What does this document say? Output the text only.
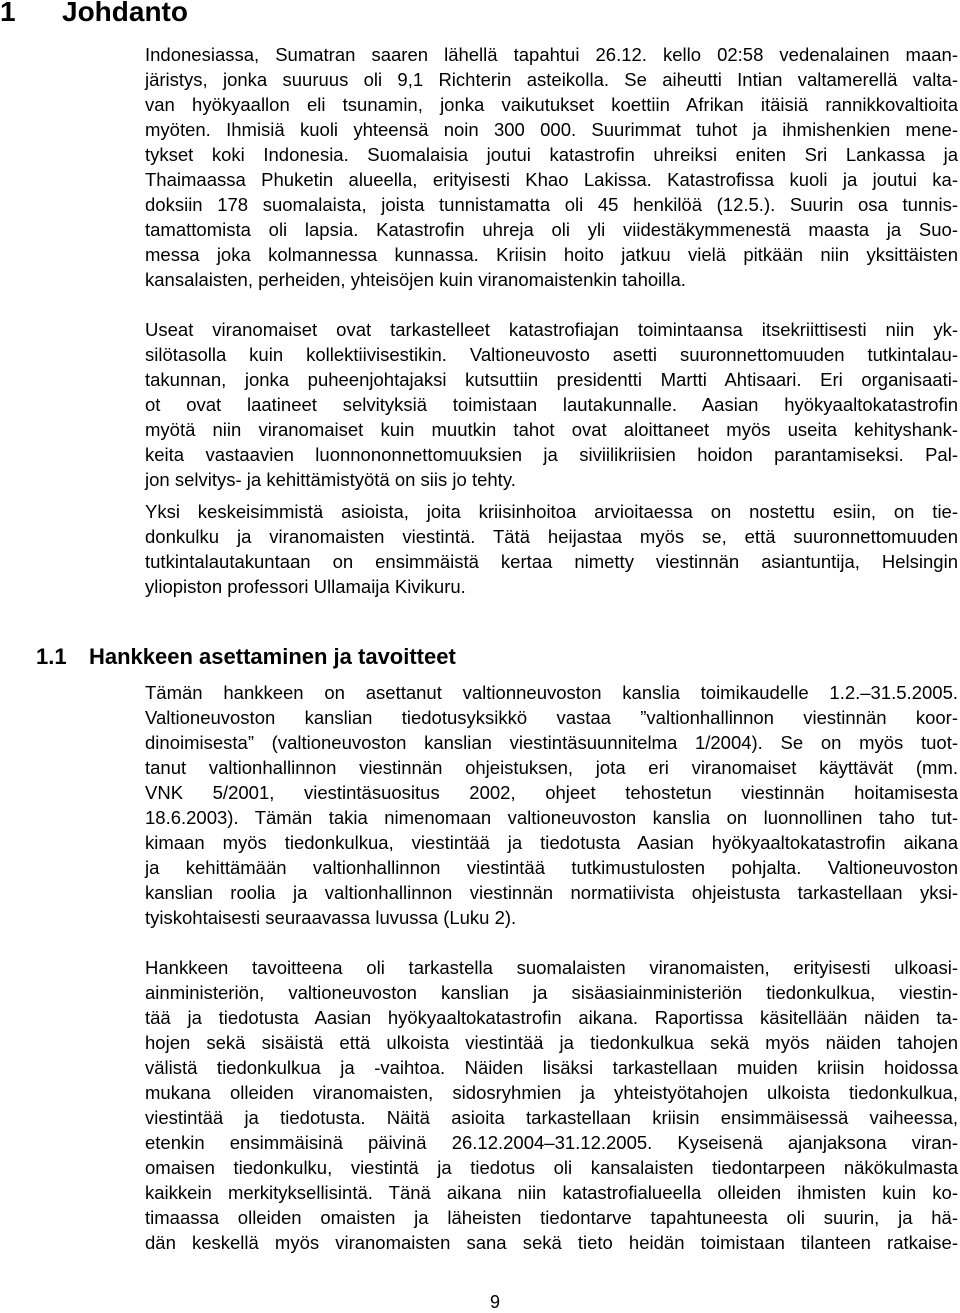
1 Johdanto
Indonesiassa, Sumatran saaren lähellä tapahtui 26.12. kello 02:58 vedenalainen maan-
järistys, jonka suuruus oli 9,1 Richterin asteikolla. Se aiheutti Intian valtamerellä valta-
van hyökyaallon eli tsunamin, jonka vaikutukset koettiin Afrikan itäisiä rannikkovaltioita
myöten. Ihmisiä kuoli yhteensä noin 300 000. Suurimmat tuhot ja ihmishenkien mene-
tykset koki Indonesia. Suomalaisia joutui katastrofin uhreiksi eniten Sri Lankassa ja
Thaimaassa Phuketin alueella, erityisesti Khao Lakissa. Katastrofissa kuoli ja joutui ka-
doksiin 178 suomalaista, joista tunnistamatta oli 45 henkilöä (12.5.). Suurin osa tunnis-
tamattomista oli lapsia. Katastrofin uhreja oli yli viidestäkymmenestä maasta ja Suo-
messa joka kolmannessa kunnassa. Kriisin hoito jatkuu vielä pitkään niin yksittäisten
kansalaisten, perheiden, yhteisöjen kuin viranomaistenkin tahoilla.
Useat viranomaiset ovat tarkastelleet katastrofiajan toimintaansa itsekriittisesti niin yk-
silötasolla kuin kollektiivisestikin. Valtioneuvosto asetti suuronnettomuuden tutkintalau-
takunnan, jonka puheenjohtajaksi kutsuttiin presidentti Martti Ahtisaari. Eri organisaati-
ot ovat laatineet selvityksiä toimistaan lautakunnalle. Aasian hyökyaaltokatastrofin
myötä niin viranomaiset kuin muutkin tahot ovat aloittaneet myös useita kehityshank-
keita vastaavien luonnononnettomuuksien ja siviilikriisien hoidon parantamiseksi. Pal-
jon selvitys- ja kehittämistyötä on siis jo tehty.
Yksi keskeisimmistä asioista, joita kriisinhoitoa arvioitaessa on nostettu esiin, on tie-
donkulku ja viranomaisten viestintä. Tätä heijastaa myös se, että suuronnettomuuden
tutkintalautakuntaan on ensimmäistä kertaa nimetty viestinnän asiantuntija, Helsingin
yliopiston professori Ullamaija Kivikuru.
1.1 Hankkeen asettaminen ja tavoitteet
Tämän hankkeen on asettanut valtionneuvoston kanslia toimikaudelle 1.2.–31.5.2005.
Valtioneuvoston kanslian tiedotusyksikkö vastaa ”valtionhallinnon viestinnän koor-
dinoimisesta” (valtioneuvoston kanslian viestintäsuunnitelma 1/2004). Se on myös tuot-
tanut valtionhallinnon viestinnän ohjeistuksen, jota eri viranomaiset käyttävät (mm.
VNK 5/2001, viestintäsuositus 2002, ohjeet tehostetun viestinnän hoitamisesta
18.6.2003). Tämän takia nimenomaan valtioneuvoston kanslia on luonnollinen taho tut-
kimaan myös tiedonkulkua, viestintää ja tiedotusta Aasian hyökyaaltokatastrofin aikana
ja kehittämään valtionhallinnon viestintää tutkimustulosten pohjalta. Valtioneuvoston
kanslian roolia ja valtionhallinnon viestinnän normatiivista ohjeistusta tarkastellaan yksi-
tyiskohtaisesti seuraavassa luvussa (Luku 2).
Hankkeen tavoitteena oli tarkastella suomalaisten viranomaisten, erityisesti ulkoasi-
ainministeriön, valtioneuvoston kanslian ja sisäasiainministeriön tiedonkulkua, viestin-
tää ja tiedotusta Aasian hyökyaaltokatastrofin aikana. Raportissa käsitellään näiden ta-
hojen sekä sisäistä että ulkoista viestintää ja tiedonkulkua sekä myös näiden tahojen
välistä tiedonkulkua ja -vaihtoa. Näiden lisäksi tarkastellaan muiden kriisin hoidossa
mukana olleiden viranomaisten, sidosryhmien ja yhteistyötahojen ulkoista tiedonkulkua,
viestintää ja tiedotusta. Näitä asioita tarkastellaan kriisin ensimmäisessä vaiheessa,
etenkin ensimmäisinä päivinä 26.12.2004–31.12.2005. Kyseisenä ajanjaksona viran-
omaisen tiedonkulku, viestintä ja tiedotus oli kansalaisten tiedontarpeen näkökulmasta
kaikkein merkityksellisintä. Tänä aikana niin katastrofialueella olleiden ihmisten kuin ko-
timaassa olleiden omaisten ja läheisten tiedontarve tapahtuneesta oli suurin, ja hä-
dän keskellä myös viranomaisten sana sekä tieto heidän toimistaan tilanteen ratkaise-
9
